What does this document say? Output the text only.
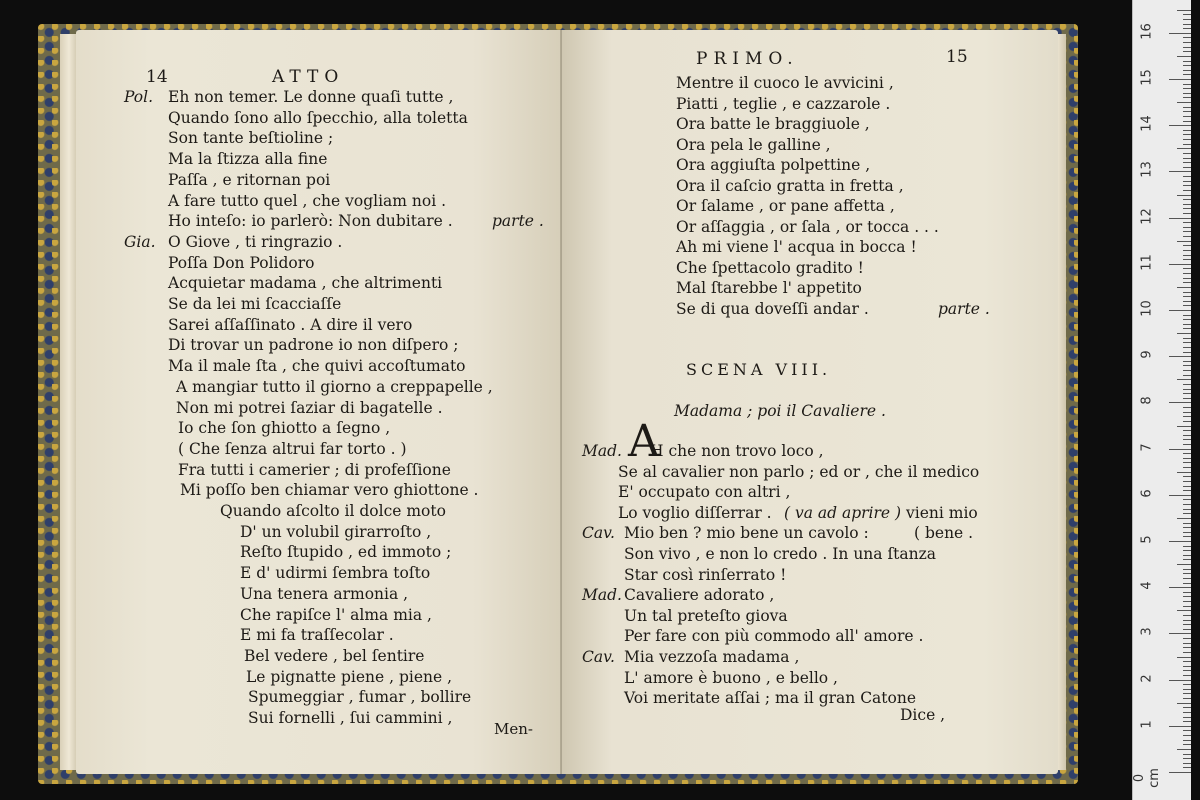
14	ATTO
Men-
Pol. Eh non temer. Le donne quaſi tutte ,
Quando ſono allo ſpecchio, alla toletta
Son tante beſtioline ;
Ma la ſtizza alla fine
Paſſa , e ritornan poi
A fare tutto quel , che vogliam noi .
Ho inteſo: io parlerò: Non dubitare .	parte .
Gia. O Giove , ti ringrazio .
Poſſa Don Polidoro
Acquietar madama , che altrimenti
Se da lei mi ſcacciaſſe
Sarei aſſaſſinato . A dire il vero
Di trovar un padrone io non diſpero ;
Ma il male ſta , che quivi accoſtumato
A mangiar tutto il giorno a creppapelle ,
Non mi potrei ſaziar di bagatelle .
Io che ſon ghiotto a ſegno ,
( Che ſenza altrui far torto . )
Fra tutti i camerier ; di profeſſione
Mi poſſo ben chiamar vero ghiottone .
Quando aſcolto il dolce moto
D' un volubil girarroſto ,
Reſto ſtupido , ed immoto ;
E d' udirmi ſembra toſto
Una tenera armonia ,
Che rapiſce l' alma mia ,
E mi fa traſſecolar .
Bel vedere , bel ſentire
Le pignatte piene , piene ,
Spumeggiar , fumar , bollire
Sui fornelli , ſui cammini ,
PRIMO.	15
SCENA VIII.
Madama ; poi il Cavaliere .
Dice ,
Mentre il cuoco le avvicini ,
Piatti , teglie , e cazzarole .
Ora batte le braggiuole ,
Ora pela le galline ,
Ora aggiuſta polpettine ,
Ora il caſcio gratta in fretta ,
Or ſalame , or pane affetta ,
Or aſſaggia , or ſala , or tocca . . .
Ah mi viene l' acqua in bocca !
Che ſpettacolo gradito !
Mal ſtarebbe l' appetito
Se di qua doveſſi andar .	parte .
Mad. A
H che non trovo loco ,
Se al cavalier non parlo ; ed or , che il medico
E' occupato con altri ,
Lo voglio diſſerrar . ( va ad aprire ) vieni mio
Cav. Mio ben ? mio bene un cavolo :	( bene .
Son vivo , e non lo credo . In una ſtanza
Star così rinſerrato !
Mad. Cavaliere adorato ,
Un tal preteſto giova
Per fare con più commodo all' amore .
Cav. Mia vezzoſa madama ,
L' amore è buono , e bello ,
Voi meritate aſſai ; ma il gran Catone
0 cm
1
2
3
4
5
6
7
8
9
10
11
12
13
14
15
16
